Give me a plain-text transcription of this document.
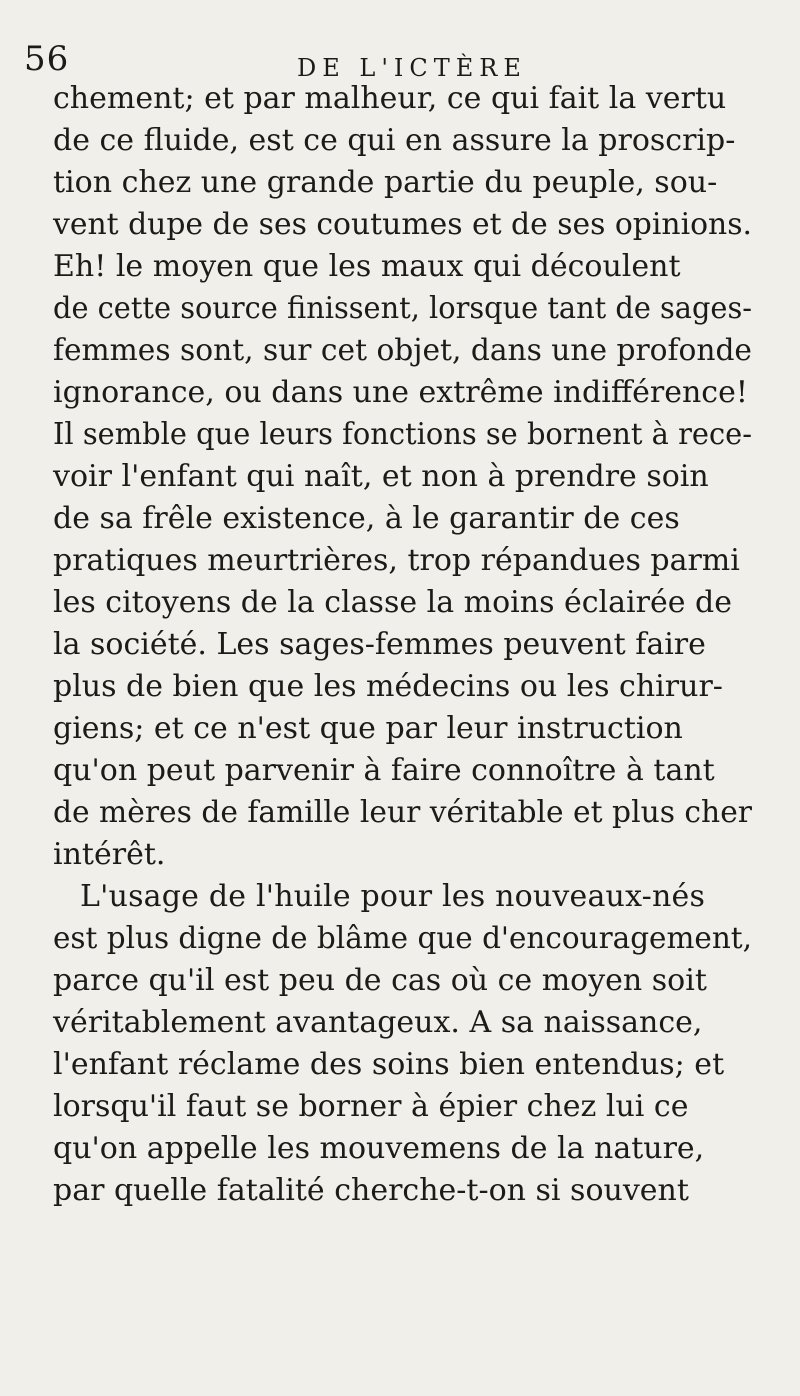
56	DE L'ICTÈRE
chement; et par malheur, ce qui fait la vertu
de ce fluide, est ce qui en assure la proscrip-
tion chez une grande partie du peuple, sou-
vent dupe de ses coutumes et de ses opinions.
Eh! le moyen que les maux qui découlent
de cette source finissent, lorsque tant de sages-
femmes sont, sur cet objet, dans une profonde
ignorance, ou dans une extrême indifférence!
Il semble que leurs fonctions se bornent à rece-
voir l'enfant qui naît, et non à prendre soin
de sa frêle existence, à le garantir de ces
pratiques meurtrières, trop répandues parmi
les citoyens de la classe la moins éclairée de
la société. Les sages-femmes peuvent faire
plus de bien que les médecins ou les chirur-
giens; et ce n'est que par leur instruction
qu'on peut parvenir à faire connoître à tant
de mères de famille leur véritable et plus cher
intérêt.
L'usage de l'huile pour les nouveaux-nés
est plus digne de blâme que d'encouragement,
parce qu'il est peu de cas où ce moyen soit
véritablement avantageux. A sa naissance,
l'enfant réclame des soins bien entendus; et
lorsqu'il faut se borner à épier chez lui ce
qu'on appelle les mouvemens de la nature,
par quelle fatalité cherche-t-on si souvent
